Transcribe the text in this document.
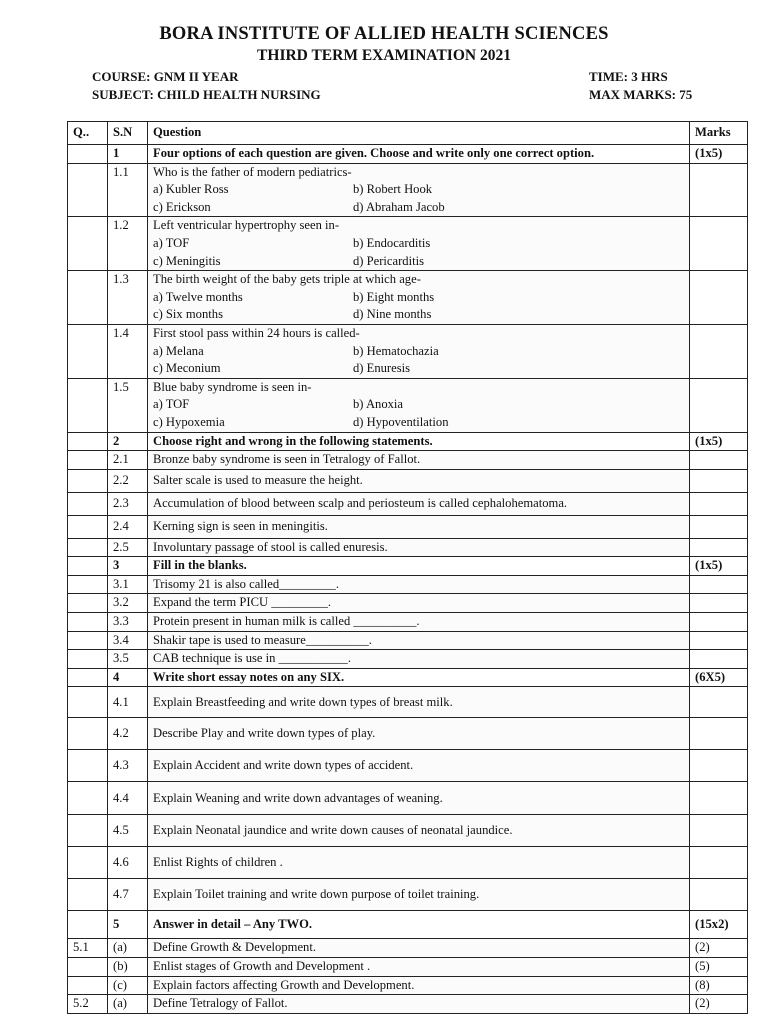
BORA INSTITUTE OF ALLIED HEALTH SCIENCES
THIRD TERM EXAMINATION 2021
COURSE: GNM II YEAR
SUBJECT: CHILD HEALTH NURSING
TIME: 3 HRS
MAX MARKS: 75
Q..	S.N	Question	Marks
	1	Four options of each question are given. Choose and write only one correct option.	(1x5)
	1.1	Who is the father of modern pediatrics-
a) Kubler Ross b) Robert Hook
c) Erickson d) Abraham Jacob	

	1.2	Left ventricular hypertrophy seen in-
a) TOF b) Endocarditis
c) Meningitis d) Pericarditis	

	1.3	The birth weight of the baby gets triple at which age-
a) Twelve months b) Eight months
c) Six months d) Nine months	

	1.4	First stool pass within 24 hours is called-
a) Melana b) Hematochazia
c) Meconium d) Enuresis	

	1.5	Blue baby syndrome is seen in-
a) TOF b) Anoxia
c) Hypoxemia d) Hypoventilation	

	2	Choose right and wrong in the following statements.	(1x5)
	2.1	Bronze baby syndrome is seen in Tetralogy of Fallot.	

	2.2	Salter scale is used to measure the height.	

	2.3	Accumulation of blood between scalp and periosteum is called cephalohematoma.	

	2.4	Kerning sign is seen in meningitis.	

	2.5	Involuntary passage of stool is called enuresis.	

	3	Fill in the blanks.	(1x5)
	3.1	Trisomy 21 is also called_________.	

	3.2	Expand the term PICU _________.	

	3.3	Protein present in human milk is called __________.	

	3.4	Shakir tape is used to measure__________.	

	3.5	CAB technique is use in ___________.	

	4	Write short essay notes on any SIX.	(6X5)
	4.1	Explain Breastfeeding and write down types of breast milk.	

	4.2	Describe Play and write down types of play.	

	4.3	Explain Accident and write down types of accident.	

	4.4	Explain Weaning and write down advantages of weaning.	

	4.5	Explain Neonatal jaundice and write down causes of neonatal jaundice.	

	4.6	Enlist Rights of children .	

	4.7	Explain Toilet training and write down purpose of toilet training.	

	5	Answer in detail – Any TWO.	(15x2)
5.1	(a)	Define Growth & Development.	(2)
	(b)	Enlist stages of Growth and Development .	(5)
	(c)	Explain factors affecting Growth and Development.	(8)
5.2	(a)	Define Tetralogy of Fallot.	(2)
